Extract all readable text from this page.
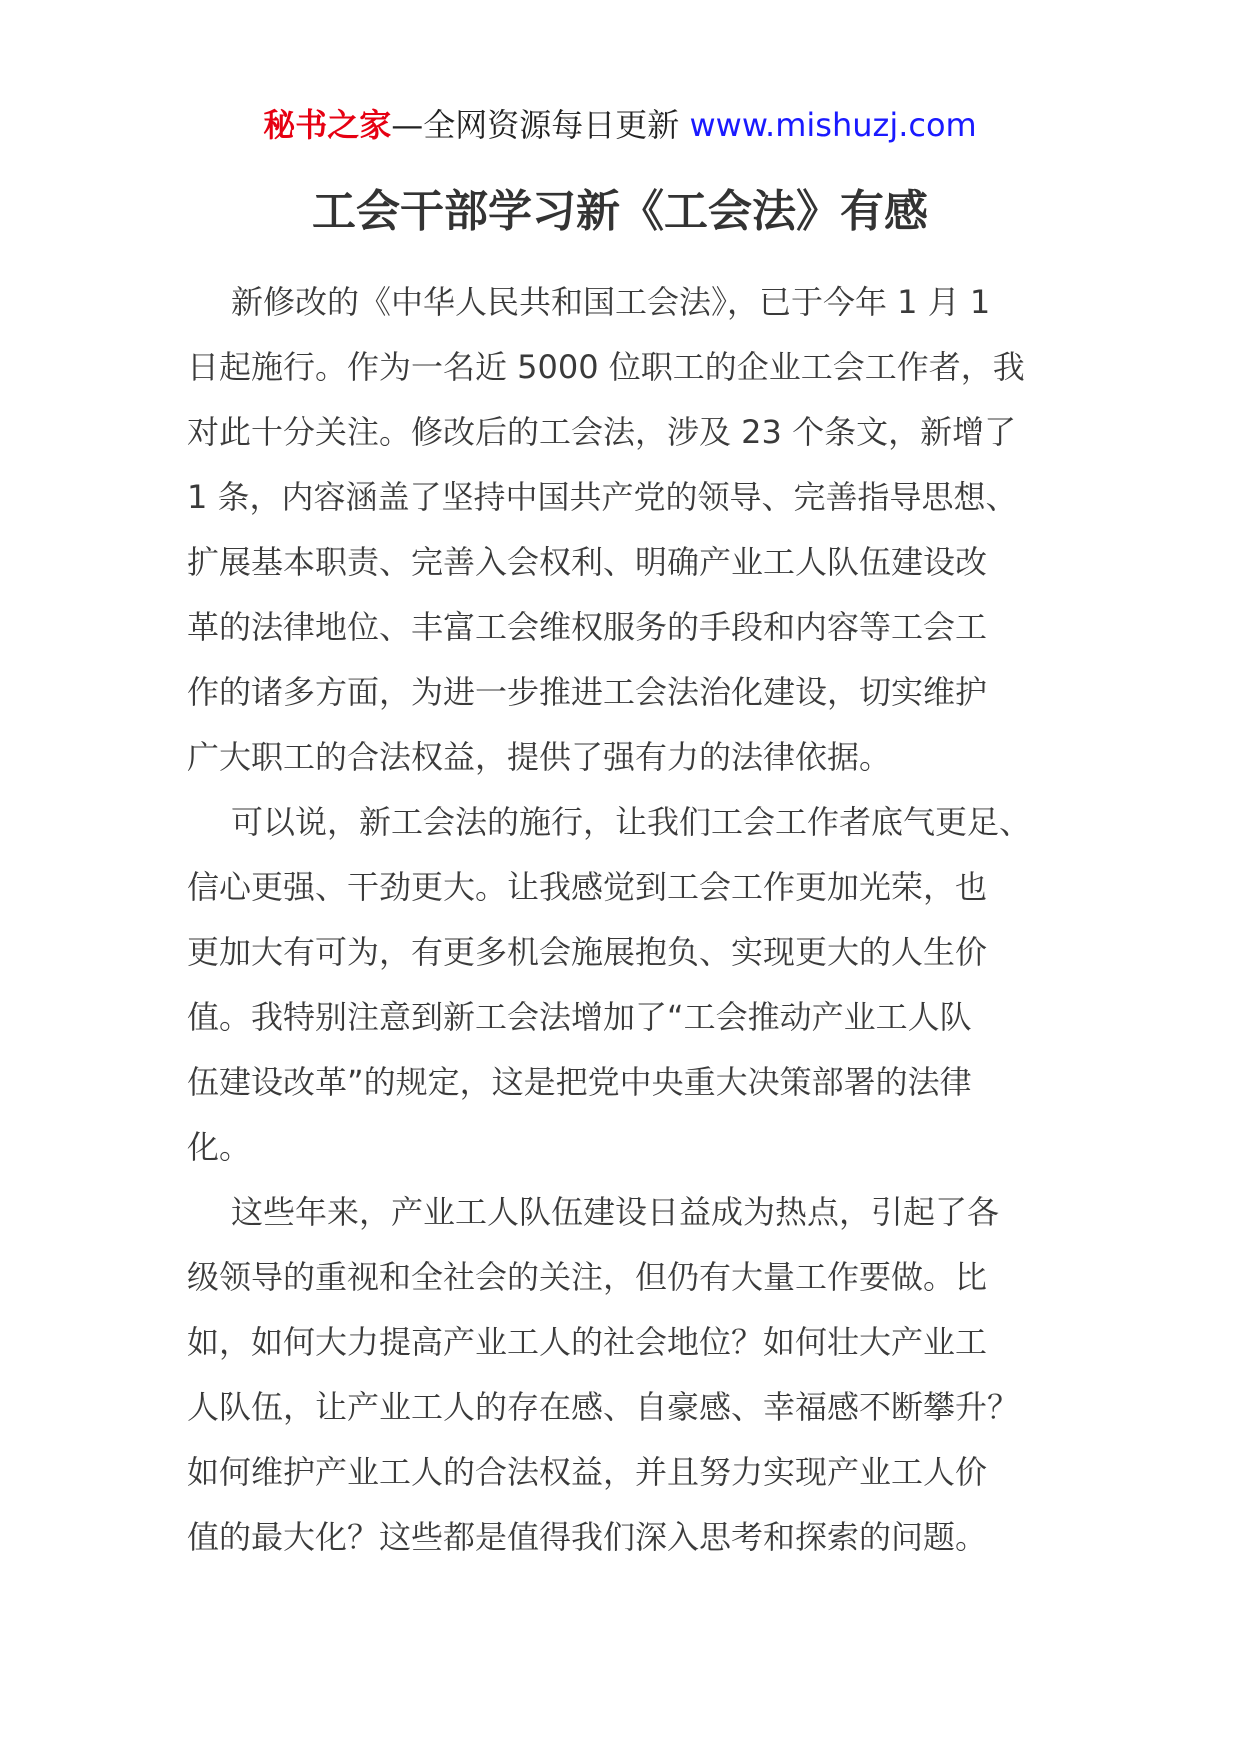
秘书之家—全网资源每日更新 www.mishuzj.com
工会干部学习新《工会法》有感
新修改的《中华人民共和国工会法》，已于今年 1 月 1
日起施行。作为一名近 5000 位职工的企业工会工作者，我
对此十分关注。修改后的工会法，涉及 23 个条文，新增了
1 条，内容涵盖了坚持中国共产党的领导、完善指导思想、
扩展基本职责、完善入会权利、明确产业工人队伍建设改
革的法律地位、丰富工会维权服务的手段和内容等工会工
作的诸多方面，为进一步推进工会法治化建设，切实维护
广大职工的合法权益，提供了强有力的法律依据。
可以说，新工会法的施行，让我们工会工作者底气更足、
信心更强、干劲更大。让我感觉到工会工作更加光荣，也
更加大有可为，有更多机会施展抱负、实现更大的人生价
值。我特别注意到新工会法增加了“工会推动产业工人队
伍建设改革”的规定，这是把党中央重大决策部署的法律
化。
这些年来，产业工人队伍建设日益成为热点，引起了各
级领导的重视和全社会的关注，但仍有大量工作要做。比
如，如何大力提高产业工人的社会地位？如何壮大产业工
人队伍，让产业工人的存在感、自豪感、幸福感不断攀升？
如何维护产业工人的合法权益，并且努力实现产业工人价
值的最大化？这些都是值得我们深入思考和探索的问题。
